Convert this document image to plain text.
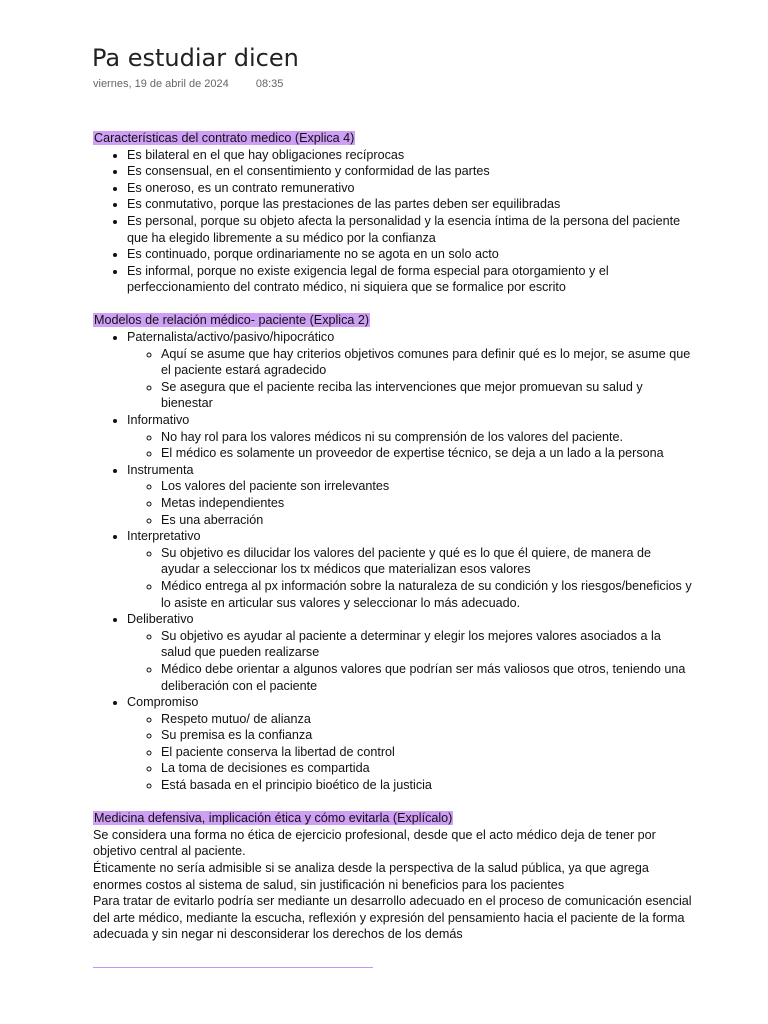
Pa estudiar dicen
viernes, 19 de abril de 2024 08:35
Características del contrato medico (Explica 4)
• Es bilateral en el que hay obligaciones recíprocas
• Es consensual, en el consentimiento y conformidad de las partes
• Es oneroso, es un contrato remunerativo
• Es conmutativo, porque las prestaciones de las partes deben ser equilibradas
• Es personal, porque su objeto afecta la personalidad y la esencia íntima de la persona del paciente que ha elegido libremente a su médico por la confianza
• Es continuado, porque ordinariamente no se agota en un solo acto
• Es informal, porque no existe exigencia legal de forma especial para otorgamiento y el perfeccionamiento del contrato médico, ni siquiera que se formalice por escrito
Modelos de relación médico- paciente (Explica 2)
• Paternalista/activo/pasivo/hipocrático
◦ Aquí se asume que hay criterios objetivos comunes para definir qué es lo mejor, se asume que el paciente estará agradecido
◦ Se asegura que el paciente reciba las intervenciones que mejor promuevan su salud y bienestar
• Informativo
◦ No hay rol para los valores médicos ni su comprensión de los valores del paciente.
◦ El médico es solamente un proveedor de expertise técnico, se deja a un lado a la persona
• Instrumenta
◦ Los valores del paciente son irrelevantes
◦ Metas independientes
◦ Es una aberración
• Interpretativo
◦ Su objetivo es dilucidar los valores del paciente y qué es lo que él quiere, de manera de ayudar a seleccionar los tx médicos que materializan esos valores
◦ Médico entrega al px información sobre la naturaleza de su condición y los riesgos/beneficios y lo asiste en articular sus valores y seleccionar lo más adecuado.
• Deliberativo
◦ Su objetivo es ayudar al paciente a determinar y elegir los mejores valores asociados a la salud que pueden realizarse
◦ Médico debe orientar a algunos valores que podrían ser más valiosos que otros, teniendo una deliberación con el paciente
• Compromiso
◦ Respeto mutuo/ de alianza
◦ Su premisa es la confianza
◦ El paciente conserva la libertad de control
◦ La toma de decisiones es compartida
◦ Está basada en el principio bioético de la justicia
Medicina defensiva, implicación ética y cómo evitarla (Explícalo)

Se considera una forma no ética de ejercicio profesional, desde que el acto médico deja de tener por objetivo central al paciente.

Éticamente no sería admisible si se analiza desde la perspectiva de la salud pública, ya que agrega enormes costos al sistema de salud, sin justificación ni beneficios para los pacientes

Para tratar de evitarlo podría ser mediante un desarrollo adecuado en el proceso de comunicación esencial del arte médico, mediante la escucha, reflexión y expresión del pensamiento hacia el paciente de la forma adecuada y sin negar ni desconsiderar los derechos de los demás
